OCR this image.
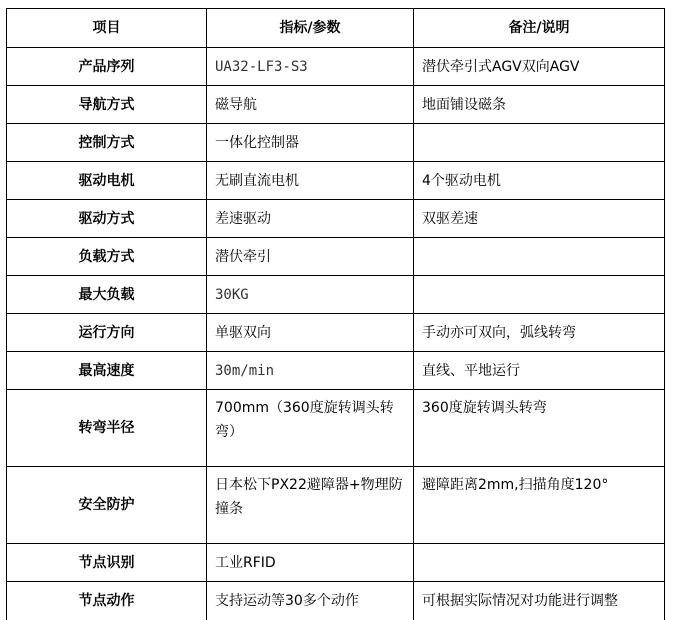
项目	指标/参数	备注/说明
产品序列	UA32-LF3-S3	潜伏牵引式AGV双向AGV
导航方式	磁导航	地面铺设磁条
控制方式	一体化控制器	
驱动电机	无刷直流电机	4个驱动电机
驱动方式	差速驱动	双驱差速
负载方式	潜伏牵引	
最大负载	30KG	
运行方向	单驱双向	手动亦可双向，弧线转弯
最高速度	30m/min	直线、平地运行
转弯半径	700mm（360度旋转调头转弯）	360度旋转调头转弯
安全防护	日本松下PX22避障器+物理防撞条	避障距离2mm,扫描角度120°
节点识别	工业RFID	
节点动作	支持运动等30多个动作	可根据实际情况对功能进行调整
